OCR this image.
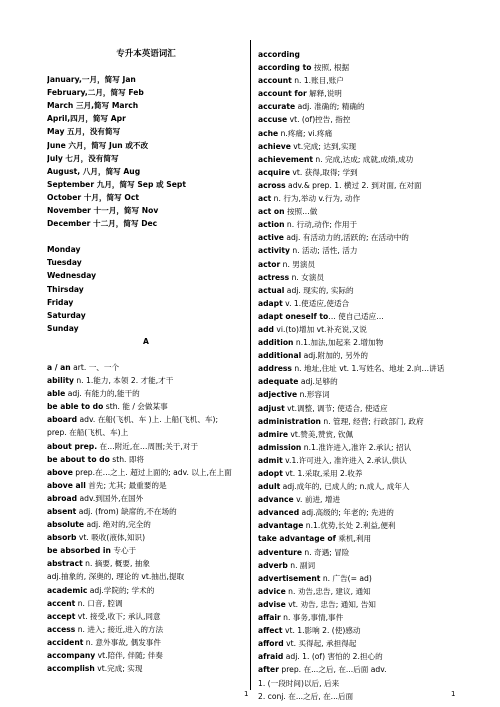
专升本英语词汇
January,一月，简写 Jan
February,二月，简写 Feb
March 三月,简写 March
April,四月，简写 Apr
May 五月，没有简写
June 六月，简写 Jun 或不改
July 七月，没有简写
August, 八月，简写 Aug
September 九月，简写 Sep 或 Sept
October 十月，简写 Oct
November 十一月，简写 Nov
December 十二月，简写 Dec
Monday
Tuesday
Wednesday
Thirsday
Friday
Saturday
Sunday
A
a / an art. 一、一个
ability n. 1.能力, 本领 2. 才能,才干
able adj. 有能力的,能干的
be able to do sth. 能 / 会做某事
aboard adv. 在船(飞机、车 )上. 上船(飞机、车);
prep. 在船(飞机、车)上
about prep. 在…附近,在…周围;关于,对于
be about to do sth. 即将
above prep.在…之上. 超过上面的; adv. 以上,在上面
above all 首先; 尤其; 最重要的是
abroad adv.到国外,在国外
absent adj. (from) 缺席的,不在场的
absolute adj. 绝对的,完全的
absorb vt. 吸收(液体,知识)
be absorbed in 专心于
abstract n. 摘要, 概要, 抽象
adj.抽象的, 深奥的, 理论的 vt.抽出,提取
academic adj.学院的; 学术的
accent n. 口音, 腔调
accept vt. 接受,收下; 承认,同意
access n. 进入; 接近,进入的方法
accident n. 意外事故, 偶发事件
accompany vt.陪伴, 伴随; 伴奏
accomplish vt.完成; 实现
according
according to 按照, 根据
account n. 1.账目,账户
account for 解释,说明
accurate adj. 准确的; 精确的
accuse vt. (of)控告, 指控
ache n.疼痛; vi.疼痛
achieve vt.完成; 达到,实现
achievement n. 完成,达成; 成就,成绩,成功
acquire vt. 获得,取得; 学到
across adv.& prep. 1. 横过 2. 到对面, 在对面
act n. 行为,举动 v.行为, 动作
act on 按照…做
action n. 行动,动作; 作用于
active adj. 有活动力的,活跃的; 在活动中的
activity n. 活动; 活性, 活力
actor n. 男演员
actress n. 女演员
actual adj. 现实的, 实际的
adapt v. 1.使适应,使适合
adapt oneself to… 使自己适应…
add vi.(to)增加 vt.补充说,又说
addition n.1.加法,加起来 2.增加物
additional adj.附加的, 另外的
address n. 地址,住址 vt. 1.写姓名、地址 2.向…讲话
adequate adj.足够的
adjective n.形容词
adjust vt.调整, 调节; 使适合, 使适应
administration n. 管理, 经营; 行政部门, 政府
admire vt.赞美,赞赏, 钦佩
admission n.1.准许进入,准许 2.承认; 招认
admit v.1.许可进入, 准许进入 2.承认,供认
adopt vt. 1.采取,采用 2.收养
adult adj.成年的, 已成人的; n.成人, 成年人
advance v. 前进, 增进
advanced adj.高级的; 年老的; 先进的
advantage n.1.优势,长处 2.利益,便利
take advantage of 乘机,利用
adventure n. 奇遇; 冒险
adverb n. 副词
advertisement n. 广告(= ad)
advice n. 劝告,忠告, 建议, 通知
advise vt. 劝告, 忠告; 通知, 告知
affair n. 事务,事情,事件
affect vt. 1.影响 2. (使)感动
afford vt. 买得起, 承担得起
afraid adj. 1. (of) 害怕的 2.担心的
after prep. 在...之后, 在...后面 adv.
1. (一段时间)以后, 后来
2. conj. 在...之后, 在...后面
1	1
